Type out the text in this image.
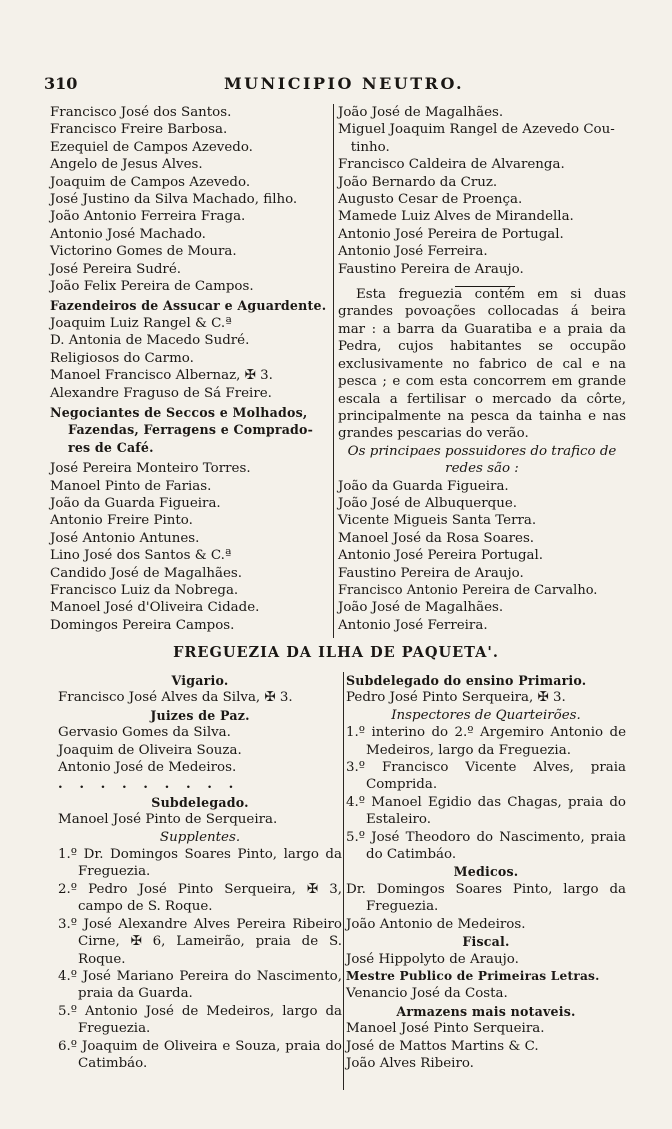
310	MUNICIPIO NEUTRO.
Francisco José dos Santos.
Francisco Freire Barbosa.
Ezequiel de Campos Azevedo.
Angelo de Jesus Alves.
Joaquim de Campos Azevedo.
José Justino da Silva Machado, filho.
João Antonio Ferreira Fraga.
Antonio José Machado.
Victorino Gomes de Moura.
José Pereira Sudré.
João Felix Pereira de Campos.
Fazendeiros de Assucar e Aguardente.
Joaquim Luiz Rangel & C.ª
D. Antonia de Macedo Sudré.
Religiosos do Carmo.
Manoel Francisco Albernaz, ✠ 3.
Alexandre Fraguso de Sá Freire.
Negociantes de Seccos e Molhados,
Fazendas, Ferragens e Comprado-
res de Café.
José Pereira Monteiro Torres.
Manoel Pinto de Farias.
João da Guarda Figueira.
Antonio Freire Pinto.
José Antonio Antunes.
Lino José dos Santos & C.ª
Candido José de Magalhães.
Francisco Luiz da Nobrega.
Manoel José d'Oliveira Cidade.
Domingos Pereira Campos.
João José de Magalhães.
Miguel Joaquim Rangel de Azevedo Cou-
tinho.
Francisco Caldeira de Alvarenga.
João Bernardo da Cruz.
Augusto Cesar de Proença.
Mamede Luiz Alves de Mirandella.
Antonio José Pereira de Portugal.
Antonio José Ferreira.
Faustino Pereira de Araujo.
Esta freguezia contém em si duas grandes povoações collocadas á beira mar : a barra da Guaratiba e a praia da Pedra, cujos habitantes se occupão exclusivamente no fabrico de cal e na pesca ; e com esta concorrem em grande escala a fertilisar o mercado da côrte, principalmente na pesca da tainha e nas grandes pescarias do verão.
Os principaes possuidores do trafico de redes são :
João da Guarda Figueira.
João José de Albuquerque.
Vicente Migueis Santa Terra.
Manoel José da Rosa Soares.
Antonio José Pereira Portugal.
Faustino Pereira de Araujo.
Francisco Antonio Pereira de Carvalho.
João José de Magalhães.
Antonio José Ferreira.
FREGUEZIA DA ILHA DE PAQUETA'.
Vigario.
Francisco José Alves da Silva, ✠ 3.
Juizes de Paz.
Gervasio Gomes da Silva.
Joaquim de Oliveira Souza.
Antonio José de Medeiros.
. . . . . . . . .
Subdelegado.
Manoel José Pinto de Serqueira.
Supplentes.
1.º Dr. Domingos Soares Pinto, largo da Freguezia.
2.º Pedro José Pinto Serqueira, ✠ 3, campo de S. Roque.
3.º José Alexandre Alves Pereira Ribeiro Cirne, ✠ 6, Lameirão, praia de S. Roque.
4.º José Mariano Pereira do Nascimento, praia da Guarda.
5.º Antonio José de Medeiros, largo da Freguezia.
6.º Joaquim de Oliveira e Souza, praia do Catimbáo.
Subdelegado do ensino Primario.
Pedro José Pinto Serqueira, ✠ 3.
Inspectores de Quarteirões.
1.º interino do 2.º Argemiro Antonio de Medeiros, largo da Freguezia.
3.º Francisco Vicente Alves, praia Comprida.
4.º Manoel Egidio das Chagas, praia do Estaleiro.
5.º José Theodoro do Nascimento, praia do Catimbáo.
Medicos.
Dr. Domingos Soares Pinto, largo da Freguezia.
João Antonio de Medeiros.
Fiscal.
José Hippolyto de Araujo.
Mestre Publico de Primeiras Letras.
Venancio José da Costa.
Armazens mais notaveis.
Manoel José Pinto Serqueira.
José de Mattos Martins & C.
João Alves Ribeiro.
